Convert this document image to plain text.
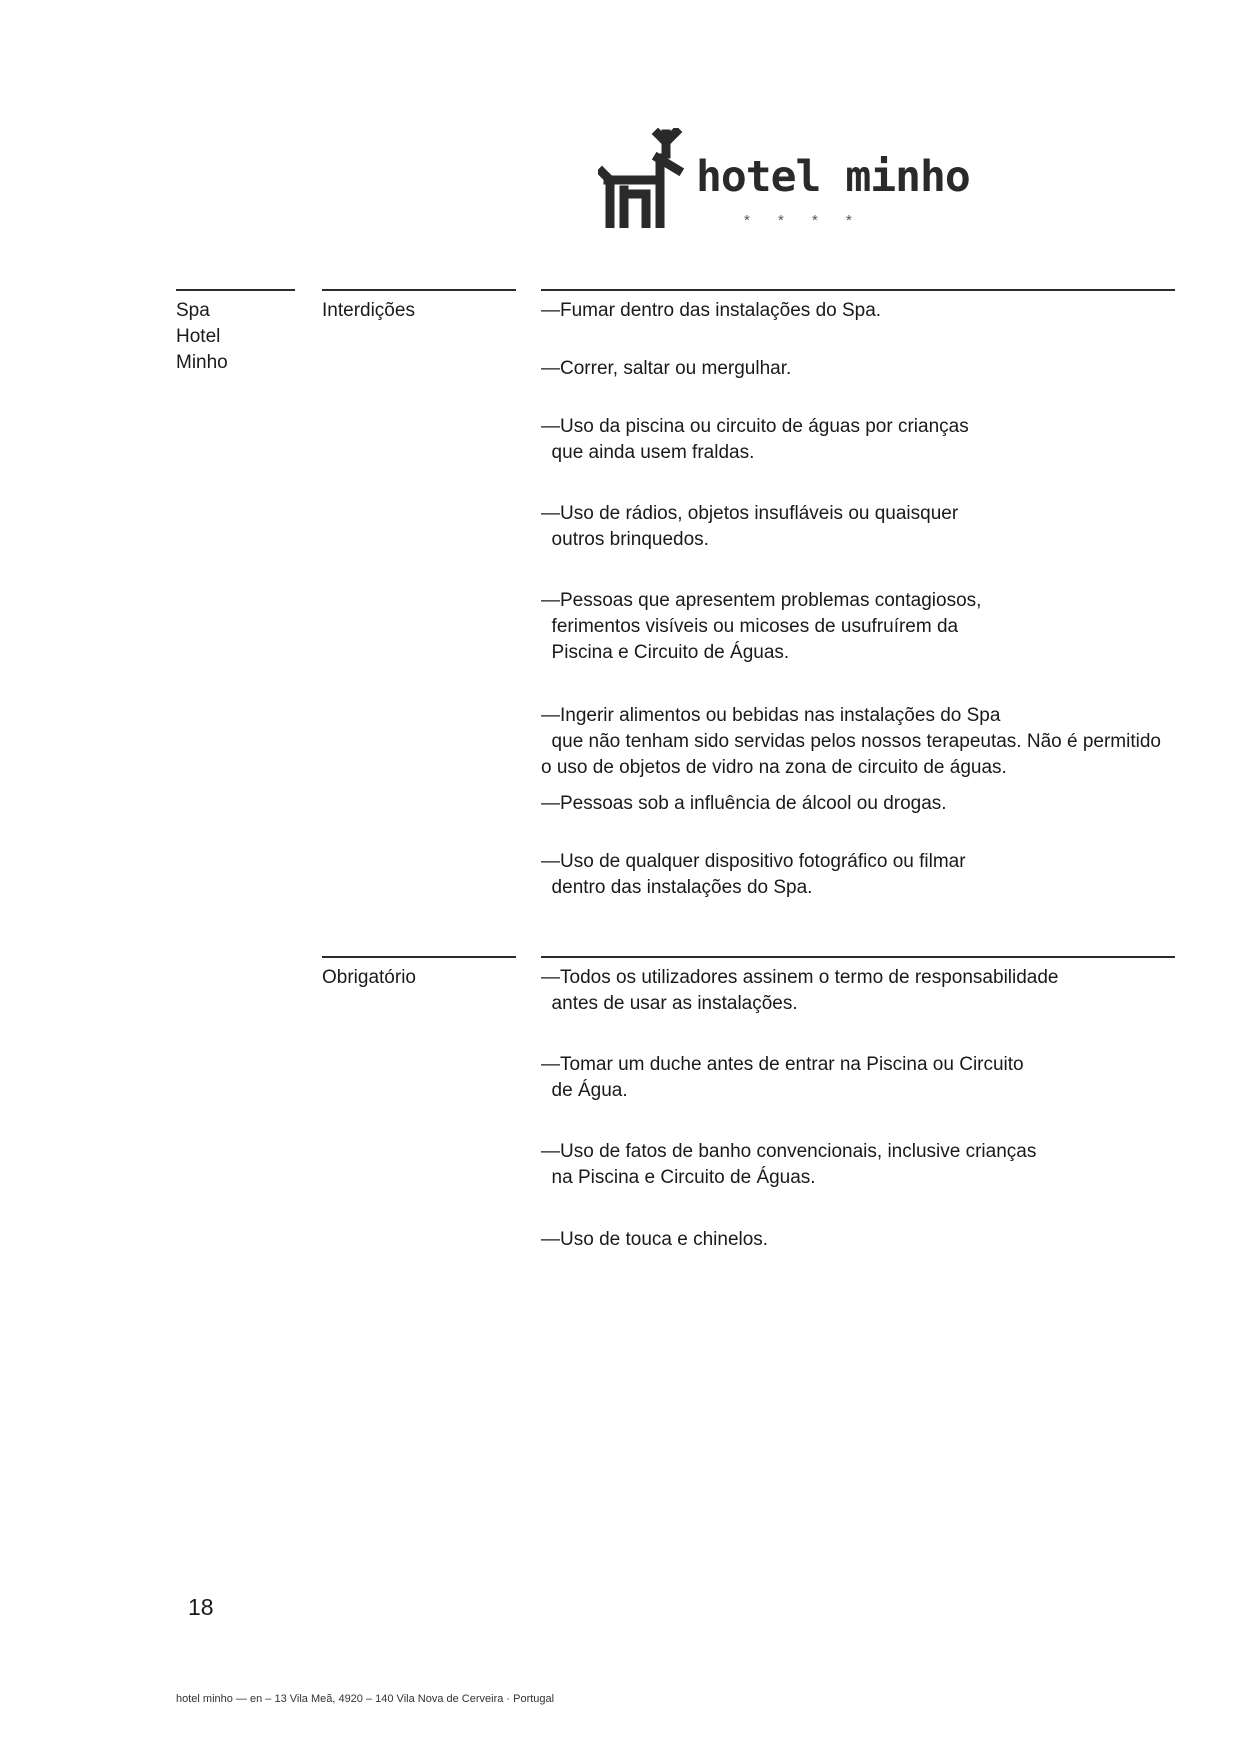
hotel minho
* * * *
Spa
Hotel
Minho
Interdições	—Fumar dentro das instalações do Spa.
—Correr, saltar ou mergulhar.
—Uso da piscina ou circuito de águas por crianças
que ainda usem fraldas.
—Uso de rádios, objetos insufláveis ou quaisquer
outros brinquedos.
—Pessoas que apresentem problemas contagiosos,
ferimentos visíveis ou micoses de usufruírem da
Piscina e Circuito de Águas.
—Ingerir alimentos ou bebidas nas instalações do Spa
que não tenham sido servidas pelos nossos terapeutas. Não é permitido
o uso de objetos de vidro na zona de circuito de águas.
—Pessoas sob a influência de álcool ou drogas.
—Uso de qualquer dispositivo fotográfico ou filmar
dentro das instalações do Spa.
Obrigatório	—Todos os utilizadores assinem o termo de responsabilidade
antes de usar as instalações.
—Tomar um duche antes de entrar na Piscina ou Circuito
de Água.
—Uso de fatos de banho convencionais, inclusive crianças
na Piscina e Circuito de Águas.
—Uso de touca e chinelos.
18
hotel minho — en – 13 Vila Meã, 4920 – 140 Vila Nova de Cerveira · Portugal
